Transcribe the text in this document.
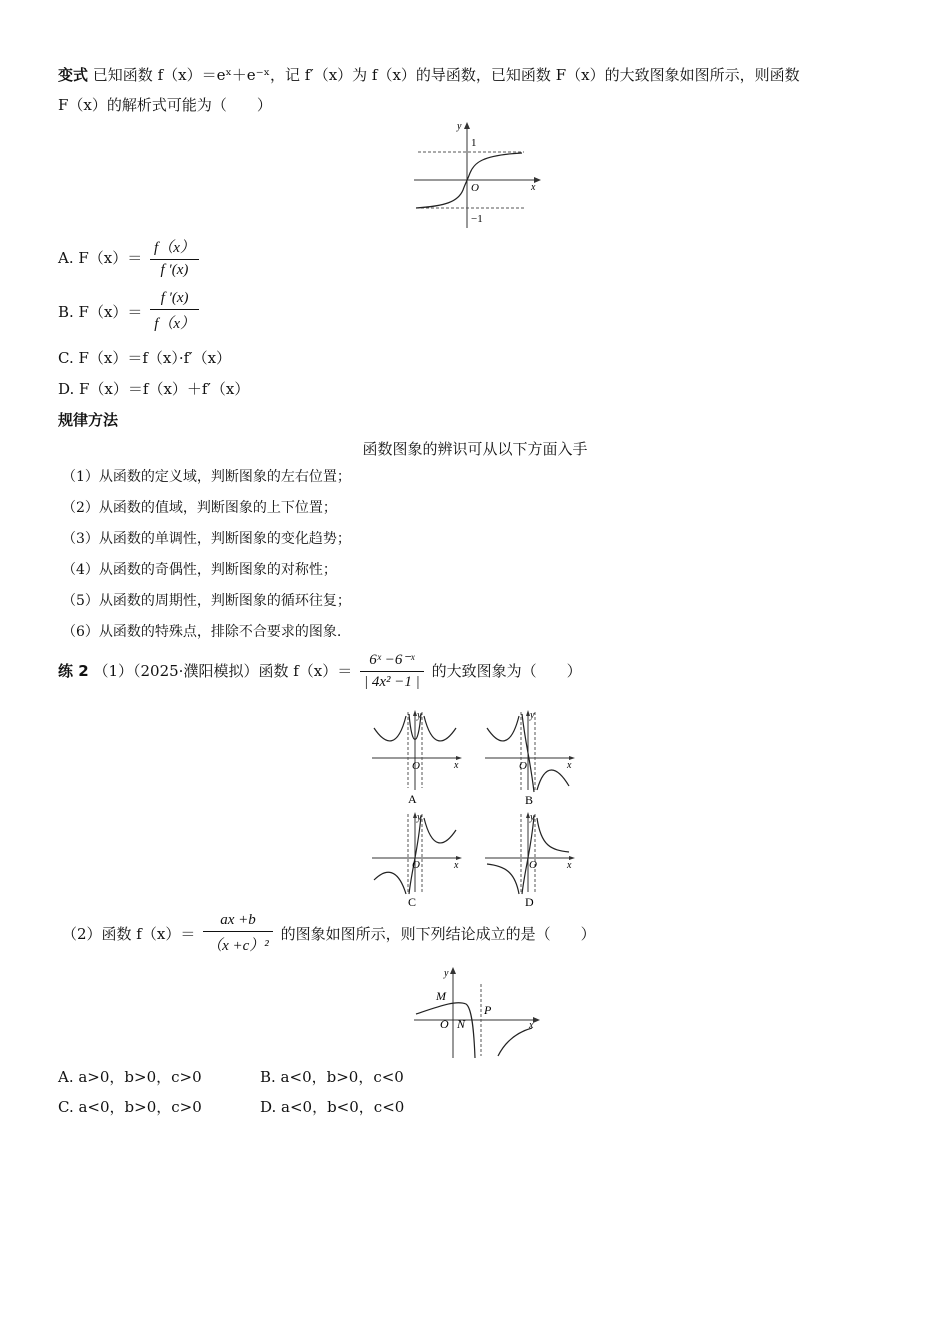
变式 已知函数 f（x）＝eˣ＋e⁻ˣ，记 f′（x）为 f（x）的导函数，已知函数 F（x）的大致图象如图所示，则函数
F（x）的解析式可能为（　　）
y
x
O
1
−1
A. $F(x)= \frac{f(x)}{f '(x)}$
B. $F(x)= \frac{f '(x)}{f(x)}$
C. F（x）＝f（x）·f′（x）
D. F（x）＝f（x）＋f′（x）
规律方法
函数图象的辨识可从以下方面入手
（1）从函数的定义域，判断图象的左右位置；
（2）从函数的值域，判断图象的上下位置；
（3）从函数的单调性，判断图象的变化趋势；
（4）从函数的奇偶性，判断图象的对称性；
（5）从函数的周期性，判断图象的循环往复；
（6）从函数的特殊点，排除不合要求的图象.
练 2 （1）（2025·濮阳模拟）函数 $f(x)= \frac{\text{6ˣ −6⁻ˣ}}{\text{| 4x² −1 |}}$ 的大致图象为（　　）
y
x
O
A
y
x
O
B
y
x
O
C
y
x
O
D
（2）函数 $f(x)= \frac{ax +b}{\text{（x +c）²}}$ 的图象如图所示，则下列结论成立的是（　　）
y
x
M
O N
P
A. a>0，b>0，c>0	B. a<0，b>0，c<0
C. a<0，b>0，c>0	D. a<0，b<0，c<0
